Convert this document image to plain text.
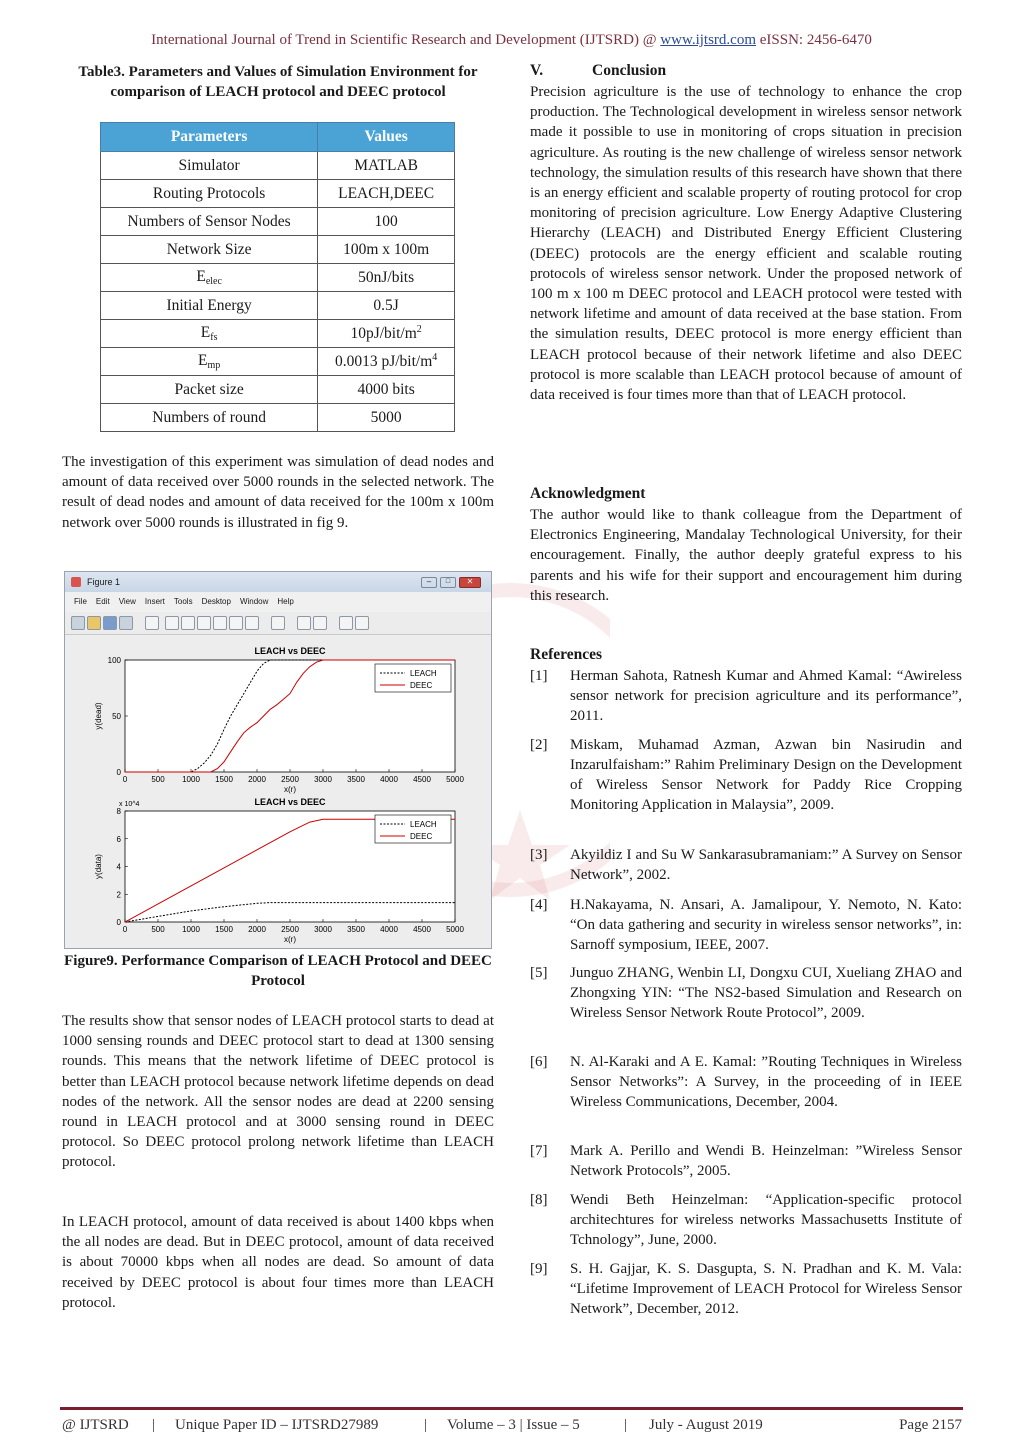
International Journal of Trend in Scientific Research and Development (IJTSRD) @ www.ijtsrd.com eISSN: 2456-6470
Table3. Parameters and Values of Simulation Environment for comparison of LEACH protocol and DEEC protocol
Parameters	Values
Simulator	MATLAB
Routing Protocols	LEACH,DEEC
Numbers of Sensor Nodes	100
Network Size	100m x 100m
$E_{elec}$	50nJ/bits
Initial Energy	0.5J
$E_{fs}$	$10pJ/bit/m^2$
$E_{mp}$	0.0013 $pJ/bit/m^4$
Packet size	4000 bits
Numbers of round	5000
The investigation of this experiment was simulation of dead nodes and amount of data received over 5000 rounds in the selected network. The result of dead nodes and amount of data received for the 100m x 100m network over 5000 rounds is illustrated in fig 9.
Figure 1	–	□	✕
File Edit View Insert Tools Desktop Window Help
LEACH vs DEEC
0	500 1000 1500 2000 2500 3000 3500 4000 4500 5000
0
50
100
x(r)
y(dead)
LEACH
DEEC
LEACH vs DEEC
0	500 1000 1500 2000 2500 3000 3500 4000 4500 5000
0
2
4
6
8
x 10^4
x(r)
y(data)
LEACH
DEEC
Figure9. Performance Comparison of LEACH Protocol and DEEC Protocol
The results show that sensor nodes of LEACH protocol starts to dead at 1000 sensing rounds and DEEC protocol start to dead at 1300 sensing rounds. This means that the network lifetime of DEEC protocol is better than LEACH protocol because network lifetime depends on dead nodes of the network. All the sensor nodes are dead at 2200 sensing round in LEACH protocol and at 3000 sensing round in DEEC protocol. So DEEC protocol prolong network lifetime than LEACH protocol.
In LEACH protocol, amount of data received is about 1400 kbps when the all nodes are dead. But in DEEC protocol, amount of data received is about 70000 kbps when all nodes are dead. So amount of data received by DEEC protocol is about four times more than LEACH protocol.
V.	Conclusion
Precision agriculture is the use of technology to enhance the crop production. The Technological development in wireless sensor network made it possible to use in monitoring of crops situation in precision agriculture. As routing is the new challenge of wireless sensor network technology, the simulation results of this research have shown that there is an energy efficient and scalable property of routing protocol for crop monitoring of precision agriculture. Low Energy Adaptive Clustering Hierarchy (LEACH) and Distributed Energy Efficient Clustering (DEEC) protocols are the energy efficient and scalable routing protocols of wireless sensor network. Under the proposed network of 100 m x 100 m DEEC protocol and LEACH protocol were tested with network lifetime and amount of data received at the base station. From the simulation results, DEEC protocol is more energy efficient than LEACH protocol because of their network lifetime and also DEEC protocol is more scalable than LEACH protocol because of amount of data received is four times more than that of LEACH protocol.
Acknowledgment
The author would like to thank colleague from the Department of Electronics Engineering, Mandalay Technological University, for their encouragement. Finally, the author deeply grateful express to his parents and his wife for their support and encouragement him during this research.
References
[1] Herman Sahota, Ratnesh Kumar and Ahmed Kamal: “Awireless sensor network for precision agriculture and its performance”, 2011.
[2] Miskam, Muhamad Azman, Azwan bin Nasirudin and Inzarulfaisham:” Rahim Preliminary Design on the Development of Wireless Sensor Network for Paddy Rice Cropping Monitoring Application in Malaysia”, 2009.
[3] Akyildiz I and Su W Sankarasubramaniam:” A Survey on Sensor Network”, 2002.
[4] H.Nakayama, N. Ansari, A. Jamalipour, Y. Nemoto, N. Kato: “On data gathering and security in wireless sensor networks”, in: Sarnoff symposium, IEEE, 2007.
[5] Junguo ZHANG, Wenbin LI, Dongxu CUI, Xueliang ZHAO and Zhongxing YIN: “The NS2-based Simulation and Research on Wireless Sensor Network Route Protocol”, 2009.
[6] N. Al-Karaki and A E. Kamal: ”Routing Techniques in Wireless Sensor Networks”: A Survey, in the proceeding of in IEEE Wireless Communications, December, 2004.
[7] Mark A. Perillo and Wendi B. Heinzelman: ”Wireless Sensor Network Protocols”, 2005.
[8] Wendi Beth Heinzelman: “Application-specific protocol architechtures for wireless networks Massachusetts Institute of Tchnology”, June, 2000.
[9] S. H. Gajjar, K. S. Dasgupta, S. N. Pradhan and K. M. Vala: “Lifetime Improvement of LEACH Protocol for Wireless Sensor Network”, December, 2012.
@ IJTSRD | Unique Paper ID – IJTSRD27989	| Volume – 3 | Issue – 5	| July - August 2019	Page 2157
